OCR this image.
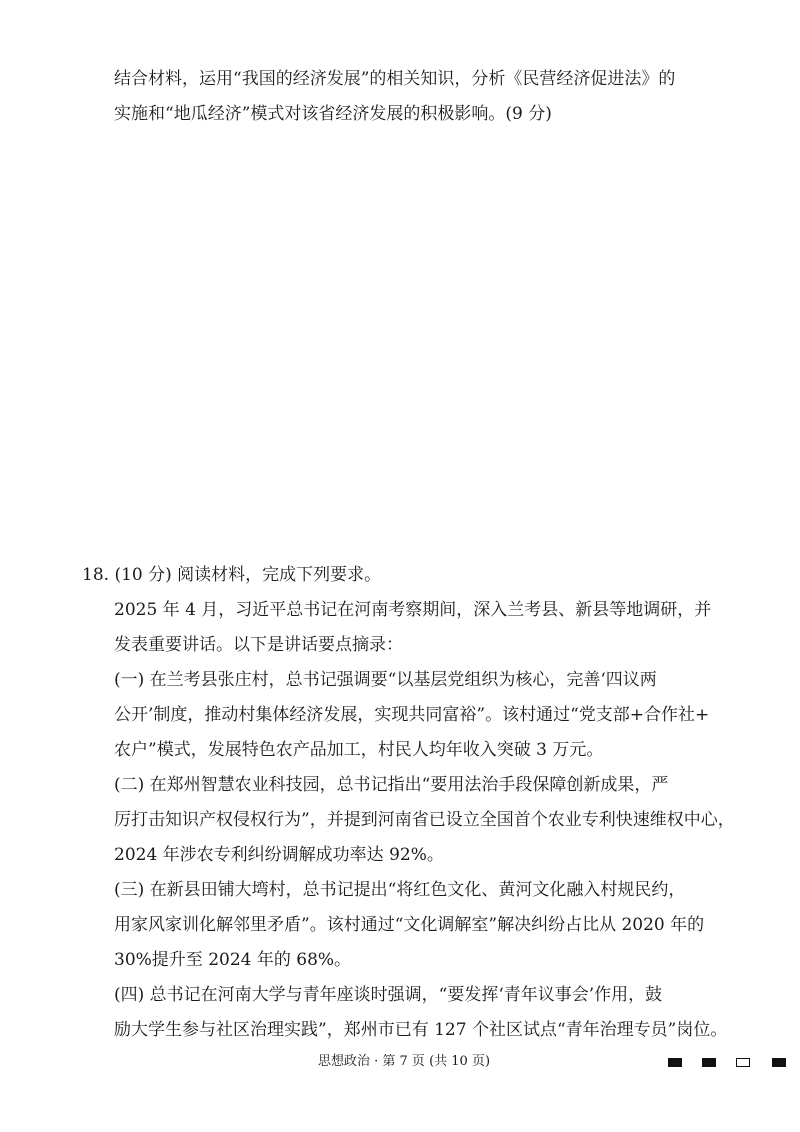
结合材料，运用“我国的经济发展”的相关知识，分析《民营经济促进法》的
实施和“地瓜经济”模式对该省经济发展的积极影响。(9 分)
18. (10 分) 阅读材料，完成下列要求。
2025 年 4 月，习近平总书记在河南考察期间，深入兰考县、新县等地调研，并
发表重要讲话。以下是讲话要点摘录：
(一) 在兰考县张庄村，总书记强调要“以基层党组织为核心，完善‘四议两
公开’制度，推动村集体经济发展，实现共同富裕”。该村通过“党支部+合作社+
农户”模式，发展特色农产品加工，村民人均年收入突破 3 万元。
(二) 在郑州智慧农业科技园，总书记指出“要用法治手段保障创新成果，严
厉打击知识产权侵权行为”，并提到河南省已设立全国首个农业专利快速维权中心，
2024 年涉农专利纠纷调解成功率达 92%。
(三) 在新县田铺大塆村，总书记提出“将红色文化、黄河文化融入村规民约，
用家风家训化解邻里矛盾”。该村通过“文化调解室”解决纠纷占比从 2020 年的
30%提升至 2024 年的 68%。
(四) 总书记在河南大学与青年座谈时强调，“要发挥‘青年议事会’作用，鼓
励大学生参与社区治理实践”，郑州市已有 127 个社区试点“青年治理专员”岗位。
思想政治 · 第 7 页 (共 10 页)
